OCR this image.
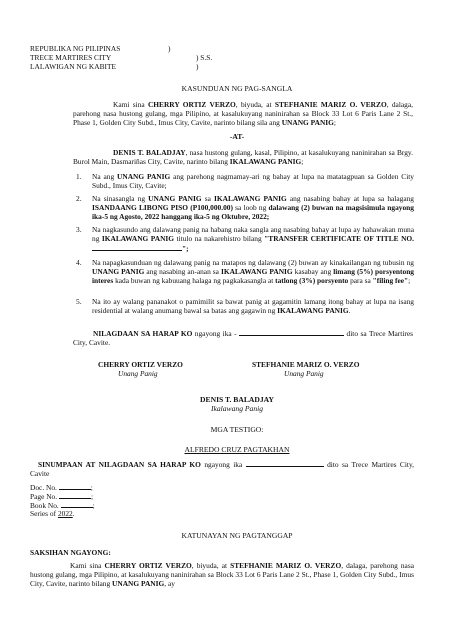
REPUBLIKA NG PILIPINAS	)
TRECE MARTIRES CITY	) S.S.
LALAWIGAN NG KABITE	)
KASUNDUAN NG PAG-SANGLA
Kami sina CHERRY ORTIZ VERZO, biyuda, at STEFHANIE MARIZ O. VERZO, dalaga, parehong nasa hustong gulang, mga Pilipino, at kasalukuyang naninirahan sa Block 33 Lot 6 Paris Lane 2 St., Phase 1, Golden City Subd., Imus City, Cavite, narinto bilang sila ang UNANG PANIG;
-AT-
DENIS T. BALADJAY, nasa hustong gulang, kasal, Pilipino, at kasalukuyang naninirahan sa Brgy. Burol Main, Dasmariñas City, Cavite, narinto bilang IKALAWANG PANIG;
1. Na ang UNANG PANIG ang parehong nagmamay-ari ng bahay at lupa na matatagpuan sa Golden City Subd., Imus City, Cavite;
2. Na sinasangla ng UNANG PANIG sa IKALAWANG PANIG ang nasabing bahay at lupa sa halagang ISANDAANG LIBONG PISO (P100,000.00) sa loob ng dalawang (2) buwan na magsisimula ngayong ika-5 ng Agosto, 2022 hanggang ika-5 ng Oktubre, 2022;
3. Na nagkasundo ang dalawang panig na habang naka sangla ang nasabing bahay at lupa ay hahawakan muna ng IKALAWANG PANIG titulo na nakarehistro bilang "TRANSFER CERTIFICATE OF TITLE NO. ";
4. Na napagkasunduan ng dalawang panig na matapos ng dalawang (2) buwan ay kinakailangan ng tubusin ng UNANG PANIG ang nasabing an-anan sa IKALAWANG PANIG kasabay ang limang (5%) porsyentong interes kada buwan ng kabuuang halaga ng pagkakasangla at tatlong (3%) porsyento para sa "filing fee";
5. Na ito ay walang pananakot o pamimilit sa bawat panig at gagamitin lamang itong bahay at lupa na isang residential at walang anumang bawal sa batas ang gagawin ng IKALAWANG PANIG.
NILAGDAAN SA HARAP KO ngayong ika -	dito sa Trece Martires City, Cavite.
CHERRY ORTIZ VERZO
Unang Panig
STEFHANIE MARIZ O. VERZO
Unang Panig
DENIS T. BALADJAY
Ikalawang Panig
MGA TESTIGO:
ALFREDO CRUZ PAGTAKHAN
SINUMPAAN AT NILAGDAAN SA HARAP KO ngayong ika	dito sa Trece Martires City, Cavite
Doc. No.	;
Page No.	;
Book No.	;
Series of 2022.
KATUNAYAN NG PAGTANGGAP
SAKSIHAN NGAYONG:
Kami sina CHERRY ORTIZ VERZO, biyuda, at STEFHANIE MARIZ O. VERZO, dalaga, parehong nasa hustong gulang, mga Pilipino, at kasalukuyang naninirahan sa Block 33 Lot 6 Paris Lane 2 St., Phase 1, Golden City Subd., Imus City, Cavite, narinto bilang UNANG PANIG, ay
